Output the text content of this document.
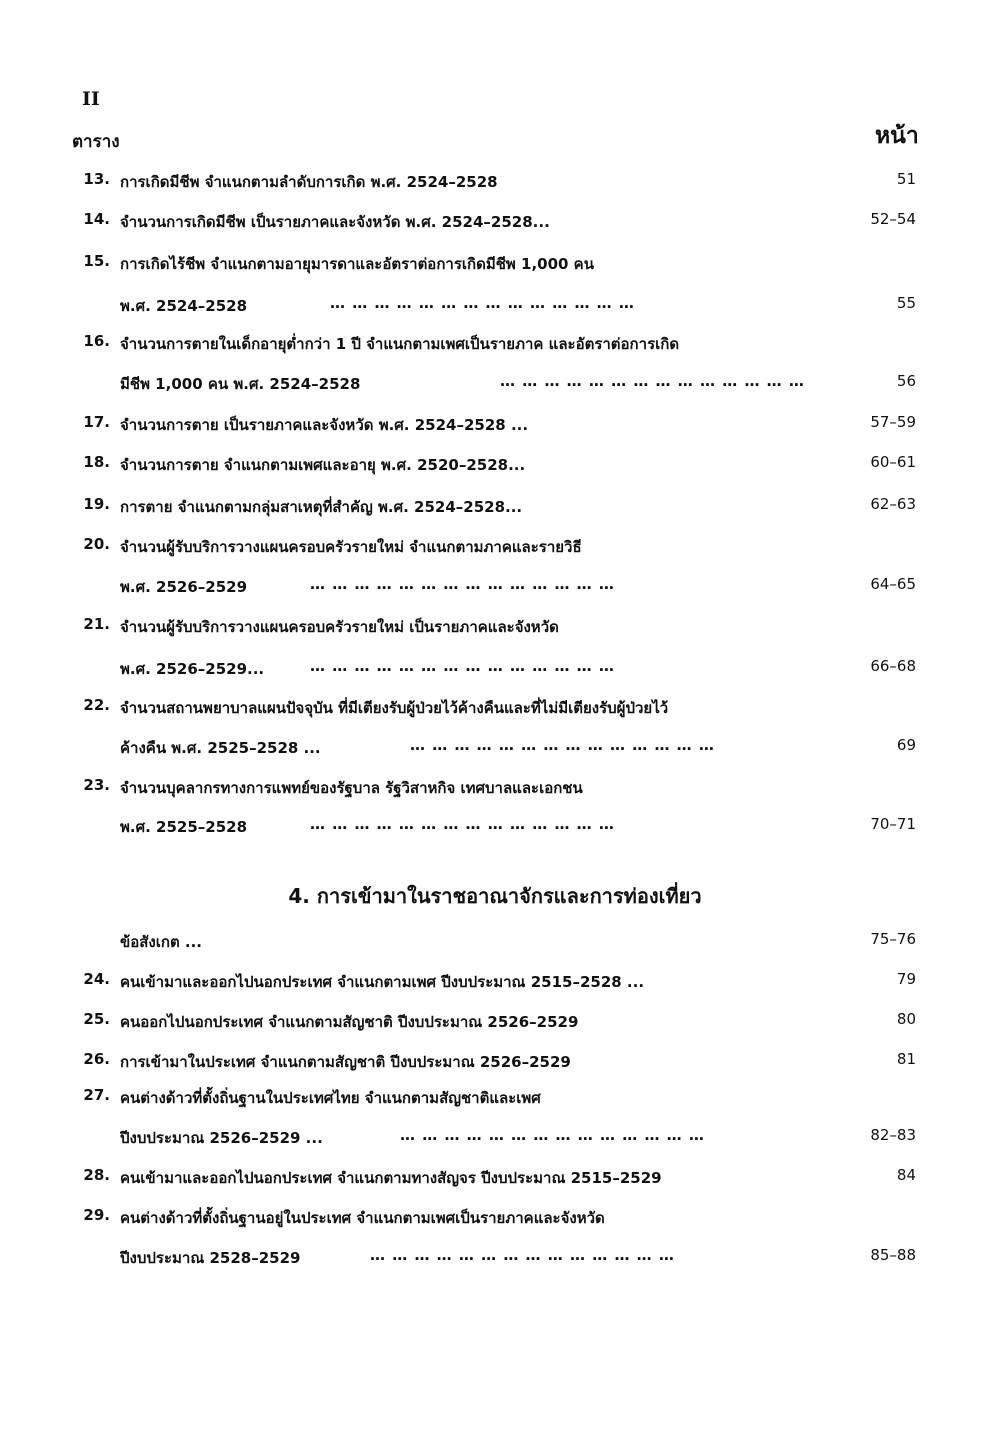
II
ตาราง	หน้า
13. การเกิดมีชีพ จำแนกตามลำดับการเกิด พ.ศ. 2524–2528	51
14. จำนวนการเกิดมีชีพ เป็นรายภาคและจังหวัด พ.ศ. 2524–2528...	52–54
15. การเกิดไร้ชีพ จำแนกตามอายุมารดาและอัตราต่อการเกิดมีชีพ 1,000 คน
พ.ศ. 2524–2528	… … … … … … … … … … … … … …	55
16. จำนวนการตายในเด็กอายุต่ำกว่า 1 ปี จำแนกตามเพศเป็นรายภาค และอัตราต่อการเกิด
มีชีพ 1,000 คน พ.ศ. 2524–2528	… … … … … … … … … … … … … …	56
17. จำนวนการตาย เป็นรายภาคและจังหวัด พ.ศ. 2524–2528 ...	57–59
18. จำนวนการตาย จำแนกตามเพศและอายุ พ.ศ. 2520–2528...	60–61
19. การตาย จำแนกตามกลุ่มสาเหตุที่สำคัญ พ.ศ. 2524–2528...	62–63
20. จำนวนผู้รับบริการวางแผนครอบครัวรายใหม่ จำแนกตามภาคและรายวิธี
พ.ศ. 2526–2529	… … … … … … … … … … … … … …	64–65
21. จำนวนผู้รับบริการวางแผนครอบครัวรายใหม่ เป็นรายภาคและจังหวัด
พ.ศ. 2526–2529...	… … … … … … … … … … … … … …	66–68
22. จำนวนสถานพยาบาลแผนปัจจุบัน ที่มีเตียงรับผู้ป่วยไว้ค้างคืนและที่ไม่มีเตียงรับผู้ป่วยไว้
ค้างคืน พ.ศ. 2525–2528 ...	… … … … … … … … … … … … … …	69
23. จำนวนบุคลากรทางการแพทย์ของรัฐบาล รัฐวิสาหกิจ เทศบาลและเอกชน
พ.ศ. 2525–2528	… … … … … … … … … … … … … …	70–71
4. การเข้ามาในราชอาณาจักรและการท่องเที่ยว
ข้อสังเกต ...	75–76
24. คนเข้ามาและออกไปนอกประเทศ จำแนกตามเพศ ปีงบประมาณ 2515–2528 ...	79
25. คนออกไปนอกประเทศ จำแนกตามสัญชาติ ปีงบประมาณ 2526–2529	80
26. การเข้ามาในประเทศ จำแนกตามสัญชาติ ปีงบประมาณ 2526–2529	81
27. คนต่างด้าวที่ตั้งถิ่นฐานในประเทศไทย จำแนกตามสัญชาติและเพศ
ปีงบประมาณ 2526–2529 ...	… … … … … … … … … … … … … …	82–83
28. คนเข้ามาและออกไปนอกประเทศ จำแนกตามทางสัญจร ปีงบประมาณ 2515–2529	84
29. คนต่างด้าวที่ตั้งถิ่นฐานอยู่ในประเทศ จำแนกตามเพศเป็นรายภาคและจังหวัด
ปีงบประมาณ 2528–2529	… … … … … … … … … … … … … …	85–88
